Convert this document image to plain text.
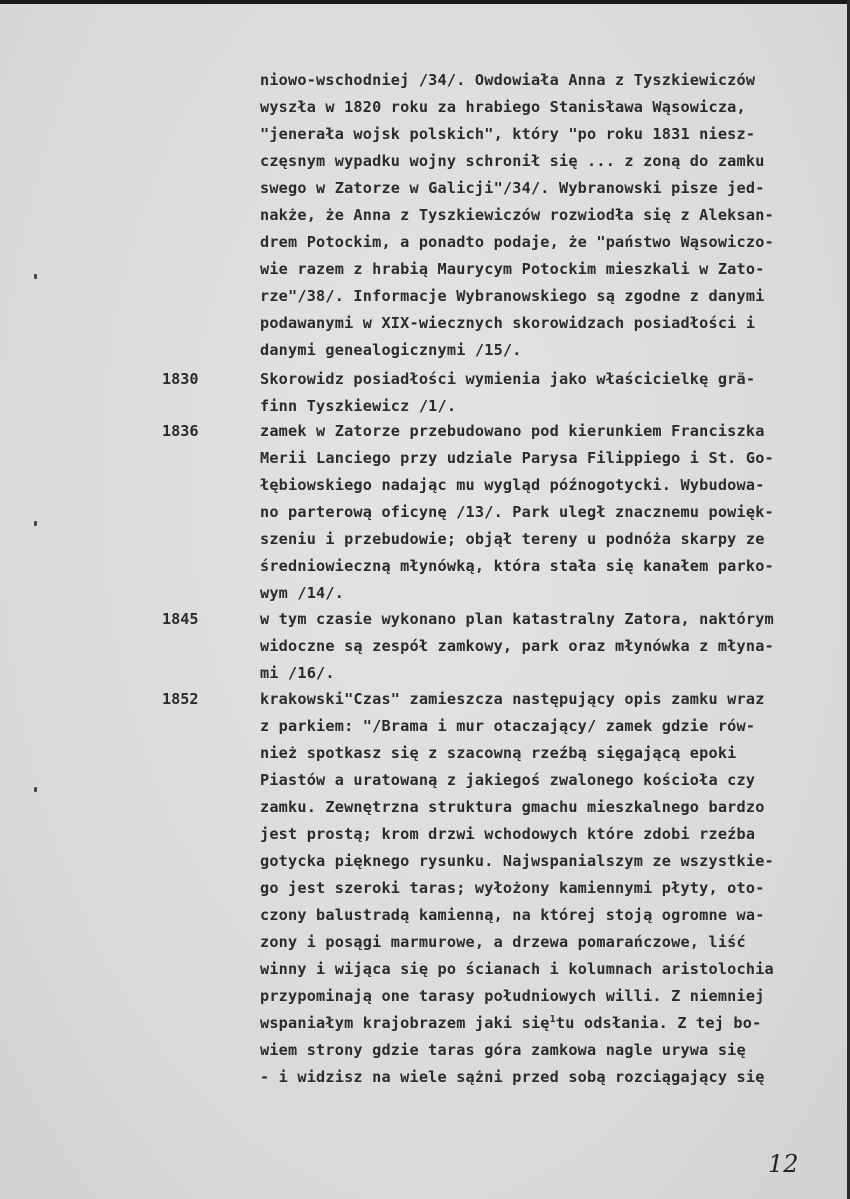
1830
1836
1845
1852
niowo-wschodniej /34/. Owdowiała Anna z Tyszkiewiczów
wyszła w 1820 roku za hrabiego Stanisława Wąsowicza,
"jenerała wojsk polskich", który "po roku 1831 niesz-
częsnym wypadku wojny schronił się ... z zoną do zamku
swego w Zatorze w Galicji"/34/. Wybranowski pisze jed-
nakże, że Anna z Tyszkiewiczów rozwiodła się z Aleksan-
drem Potockim, a ponadto podaje, że "państwo Wąsowiczo-
wie razem z hrabią Maurycym Potockim mieszkali w Zato-
rze"/38/. Informacje Wybranowskiego są zgodne z danymi
podawanymi w XIX-wiecznych skorowidzach posiadłości i
danymi genealogicznymi /15/.
Skorowidz posiadłości wymienia jako właścicielkę grä-
finn Tyszkiewicz /1/.
zamek w Zatorze przebudowano pod kierunkiem Franciszka
Merii Lanciego przy udziale Parysa Filippiego i St. Go-
łębiowskiego nadając mu wygląd późnogotycki. Wybudowa-
no parterową oficynę /13/. Park uległ znacznemu powięk-
szeniu i przebudowie; objął tereny u podnóża skarpy ze
średniowieczną młynówką, która stała się kanałem parko-
wym /14/.
w tym czasie wykonano plan katastralny Zatora, naktórym
widoczne są zespół zamkowy, park oraz młynówka z młyna-
mi /16/.
krakowski"Czas" zamieszcza następujący opis zamku wraz
z parkiem: "/Brama i mur otaczający/ zamek gdzie rów-
nież spotkasz się z szacowną rzeźbą sięgającą epoki
Piastów a uratowaną z jakiegoś zwalonego kościoła czy
zamku. Zewnętrzna struktura gmachu mieszkalnego bardzo
jest prostą; krom drzwi wchodowych które zdobi rzeźba
gotycka pięknego rysunku. Najwspanialszym ze wszystkie-
go jest szeroki taras; wyłożony kamiennymi płyty, oto-
czony balustradą kamienną, na której stoją ogromne wa-
zony i posągi marmurowe, a drzewa pomarańczowe, liść
winny i wijąca się po ścianach i kolumnach aristolochia
przypominają one tarasy południowych willi. Z niemniej
wspaniałym krajobrazem jaki się$^1$tu odsłania. Z tej bo-
wiem strony gdzie taras góra zamkowa nagle urywa się
- i widzisz na wiele sążni przed sobą rozciągający się
12
